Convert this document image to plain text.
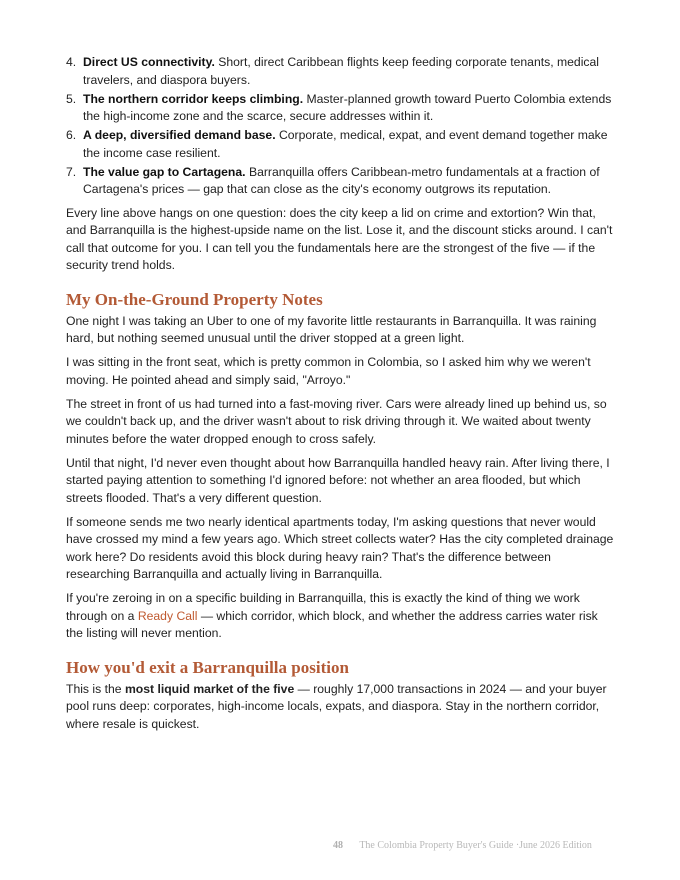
4. Direct US connectivity. Short, direct Caribbean flights keep feeding corporate tenants, medical travelers, and diaspora buyers.
5. The northern corridor keeps climbing. Master-planned growth toward Puerto Colombia extends the high-income zone and the scarce, secure addresses within it.
6. A deep, diversified demand base. Corporate, medical, expat, and event demand together make the income case resilient.
7. The value gap to Cartagena. Barranquilla offers Caribbean-metro fundamentals at a fraction of Cartagena's prices — gap that can close as the city's economy outgrows its reputation.

Every line above hangs on one question: does the city keep a lid on crime and extortion? Win that, and Barranquilla is the highest-upside name on the list. Lose it, and the discount sticks around. I can't call that outcome for you. I can tell you the fundamentals here are the strongest of the five — if the security trend holds.

My On-the-Ground Property Notes

One night I was taking an Uber to one of my favorite little restaurants in Barranquilla. It was raining hard, but nothing seemed unusual until the driver stopped at a green light.

I was sitting in the front seat, which is pretty common in Colombia, so I asked him why we weren't moving. He pointed ahead and simply said, "Arroyo."

The street in front of us had turned into a fast-moving river. Cars were already lined up behind us, so we couldn't back up, and the driver wasn't about to risk driving through it. We waited about twenty minutes before the water dropped enough to cross safely.

Until that night, I'd never even thought about how Barranquilla handled heavy rain. After living there, I started paying attention to something I'd ignored before: not whether an area flooded, but which streets flooded. That's a very different question.

If someone sends me two nearly identical apartments today, I'm asking questions that never would have crossed my mind a few years ago. Which street collects water? Has the city completed drainage work here? Do residents avoid this block during heavy rain? That's the difference between researching Barranquilla and actually living in Barranquilla.

If you're zeroing in on a specific building in Barranquilla, this is exactly the kind of thing we work through on a Ready Call — which corridor, which block, and whether the address carries water risk the listing will never mention.

How you'd exit a Barranquilla position

This is the most liquid market of the five — roughly 17,000 transactions in 2024 — and your buyer pool runs deep: corporates, high-income locals, expats, and diaspora. Stay in the northern corridor, where resale is quickest.

48 The Colombia Property Buyer's Guide ·June 2026 Edition
